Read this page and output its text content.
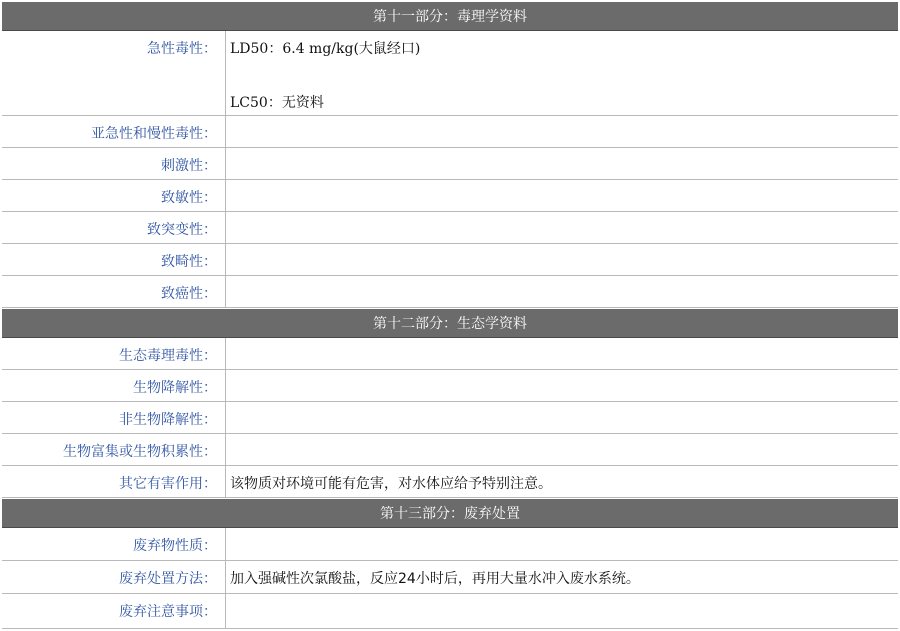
第十一部分：毒理学资料
急性毒性： LD50：6.4 mg/kg(大鼠经口)
LC50：无资料
亚急性和慢性毒性：
刺激性：
致敏性：
致突变性：
致畸性：
致癌性：
第十二部分：生态学资料
生态毒理毒性：
生物降解性：
非生物降解性：
生物富集或生物积累性：
其它有害作用： 该物质对环境可能有危害，对水体应给予特别注意。
第十三部分：废弃处置
废弃物性质：
废弃处置方法： 加入强碱性次氯酸盐，反应24小时后，再用大量水冲入废水系统。
废弃注意事项：
